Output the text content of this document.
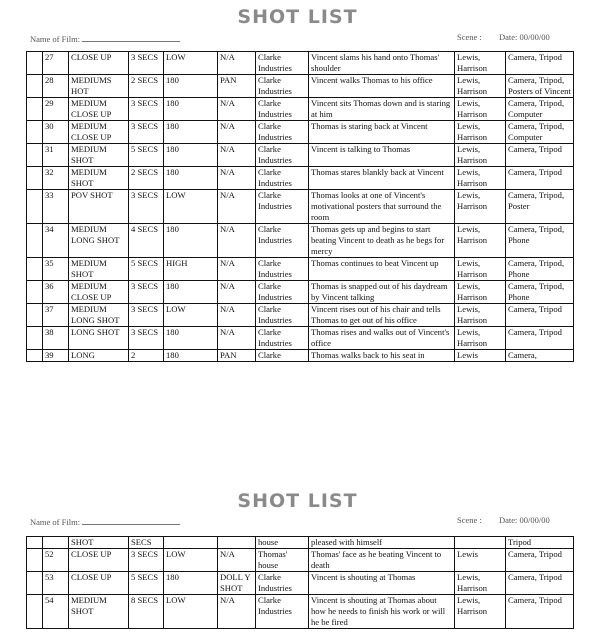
SHOT LIST
Name of Film:	Scene : Date: 00/00/00
	27	CLOSE UP	3 SECS	LOW	N/A	Clarke Industries	Vincent slams his hand onto Thomas' shoulder	Lewis, Harrison	Camera, Tripod
	28	MEDIUMS HOT	2 SECS	180	PAN	Clarke Industries	Vincent walks Thomas to his office	Lewis, Harrison	Camera, Tripod, Posters of Vincent
	29	MEDIUM CLOSE UP	3 SECS	180	N/A	Clarke Industries	Vincent sits Thomas down and is staring at him	Lewis, Harrison	Camera, Tripod, Computer
	30	MEDIUM CLOSE UP	3 SECS	180	N/A	Clarke Industries	Thomas is staring back at Vincent	Lewis, Harrison	Camera, Tripod, Computer
	31	MEDIUM SHOT	5 SECS	180	N/A	Clarke Industries	Vincent is talking to Thomas	Lewis, Harrison	Camera, Tripod
	32	MEDIUM SHOT	2 SECS	180	N/A	Clarke Industries	Thomas stares blankly back at Vincent	Lewis, Harrison	Camera, Tripod
	33	POV SHOT	3 SECS	LOW	N/A	Clarke Industries	Thomas looks at one of Vincent's motivational posters that surround the room	Lewis, Harrison	Camera, Tripod, Poster
	34	MEDIUM LONG SHOT	4 SECS	180	N/A	Clarke Industries	Thomas gets up and begins to start beating Vincent to death as he begs for mercy	Lewis, Harrison	Camera, Tripod, Phone
	35	MEDIUM SHOT	5 SECS	HIGH	N/A	Clarke Industries	Thomas continues to beat Vincent up	Lewis, Harrison	Camera, Tripod, Phone
	36	MEDIUM CLOSE UP	3 SECS	180	N/A	Clarke Industries	Thomas is snapped out of his daydream by Vincent talking	Lewis, Harrison	Camera, Tripod, Phone
	37	MEDIUM LONG SHOT	3 SECS	LOW	N/A	Clarke Industries	Vincent rises out of his chair and tells Thomas to get out of his office	Lewis, Harrison	Camera, Tripod
	38	LONG SHOT	3 SECS	180	N/A	Clarke Industries	Thomas rises and walks out of Vincent's office	Lewis, Harrison	Camera, Tripod
	39	LONG	2	180	PAN	Clarke	Thomas walks back to his seat in	Lewis	Camera,
SHOT LIST
Name of Film:	Scene : Date: 00/00/00
		SHOT	SECS			house	pleased with himself		Tripod
	52	CLOSE UP	3 SECS	LOW	N/A	Thomas' house	Thomas' face as he beating Vincent to death	Lewis	Camera, Tripod
	53	CLOSE UP	5 SECS	180	DOLL Y SHOT	Clarke Industries	Vincent is shouting at Thomas	Lewis, Harrison	Camera, Tripod
	54	MEDIUM SHOT	8 SECS	LOW	N/A	Clarke Industries	Vincent is shouting at Thomas about how he needs to finish his work or will he be fired	Lewis, Harrison	Camera, Tripod
